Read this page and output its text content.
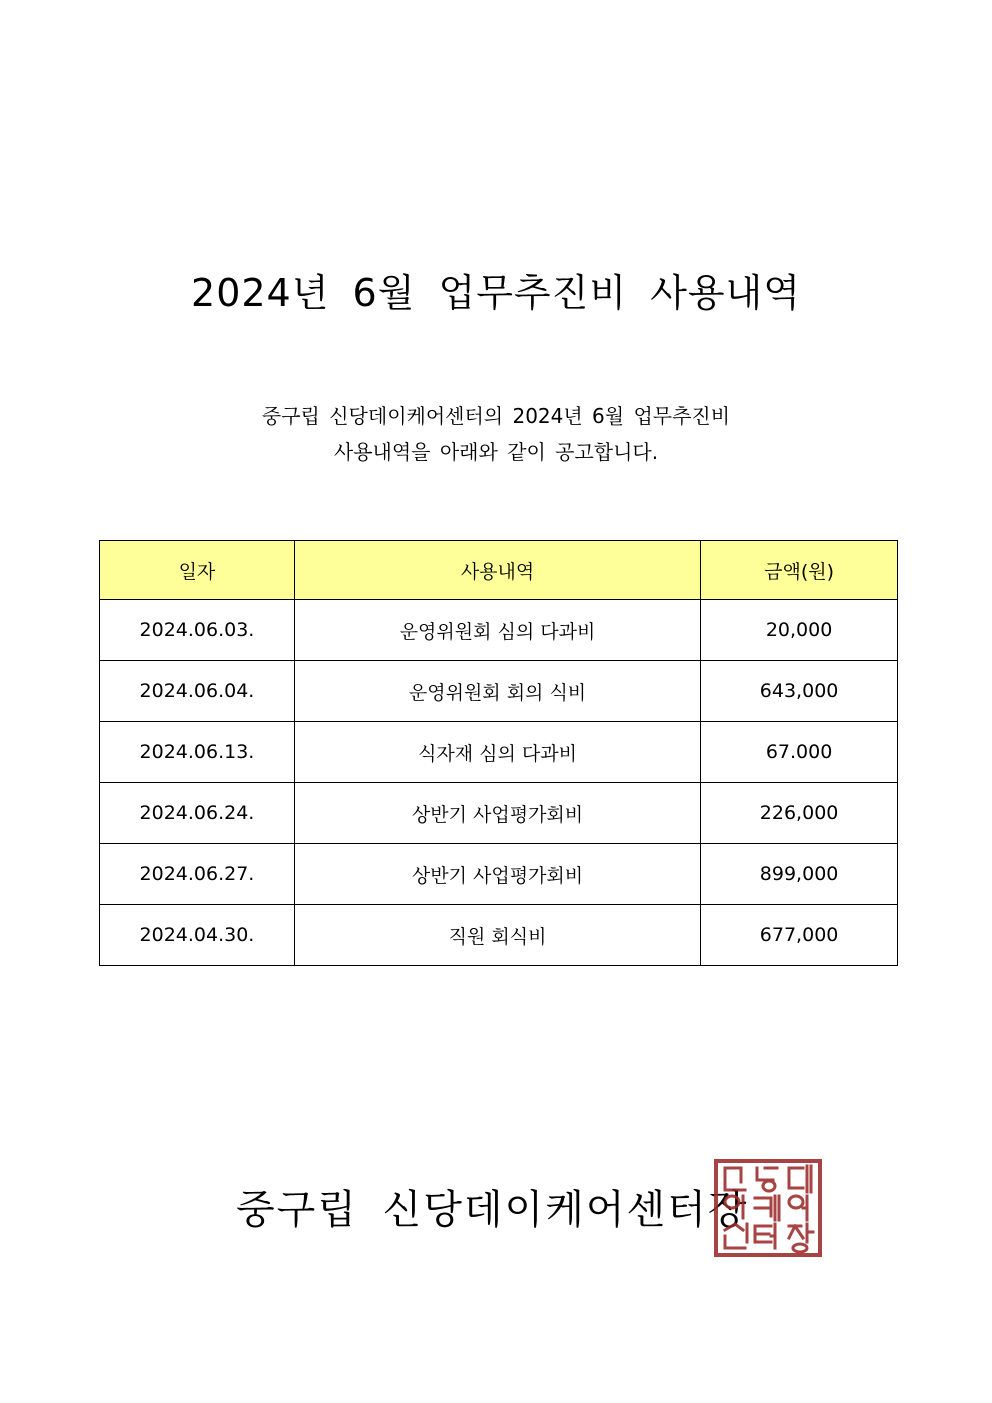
2024년 6월 업무추진비 사용내역
중구립 신당데이케어센터의 2024년 6월 업무추진비
사용내역을 아래와 같이 공고합니다.
일자	사용내역	금액(원)
2024.06.03.	운영위원회 심의 다과비	20,000
2024.06.04.	운영위원회 회의 식비	643,000
2024.06.13.	식자재 심의 다과비	67.000
2024.06.24.	상반기 사업평가회비	226,000
2024.06.27.	상반기 사업평가회비	899,000
2024.04.30.	직원 회식비	677,000
중구립 신당데이케어센터장
